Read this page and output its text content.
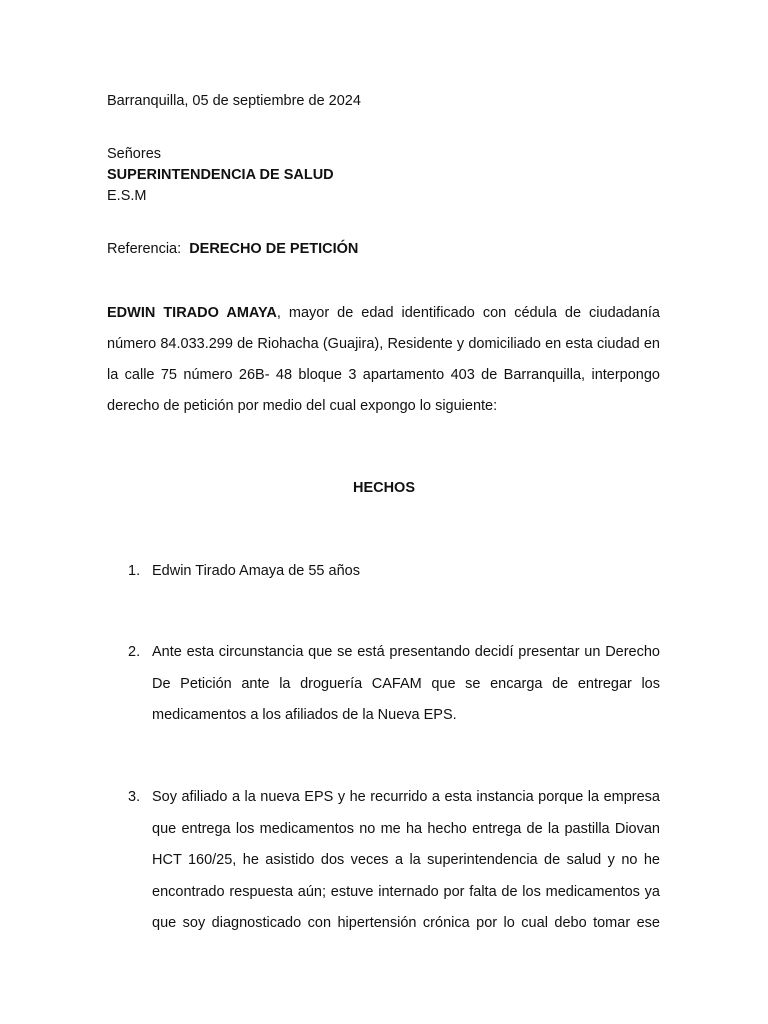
Barranquilla, 05 de septiembre de 2024
Señores
SUPERINTENDENCIA DE SALUD
E.S.M
Referencia: DERECHO DE PETICIÓN
EDWIN TIRADO AMAYA, mayor de edad identificado con cédula de ciudadanía número 84.033.299 de Riohacha (Guajira), Residente y domiciliado en esta ciudad en la calle 75 número 26B- 48 bloque 3 apartamento 403 de Barranquilla, interpongo derecho de petición por medio del cual expongo lo siguiente:
HECHOS
1. Edwin Tirado Amaya de 55 años
2. Ante esta circunstancia que se está presentando decidí presentar un Derecho De Petición ante la droguería CAFAM que se encarga de entregar los medicamentos a los afiliados de la Nueva EPS.
3. Soy afiliado a la nueva EPS y he recurrido a esta instancia porque la empresa que entrega los medicamentos no me ha hecho entrega de la pastilla Diovan HCT 160/25, he asistido dos veces a la superintendencia de salud y no he encontrado respuesta aún; estuve internado por falta de los medicamentos ya que soy diagnosticado con hipertensión crónica por lo cual debo tomar ese
